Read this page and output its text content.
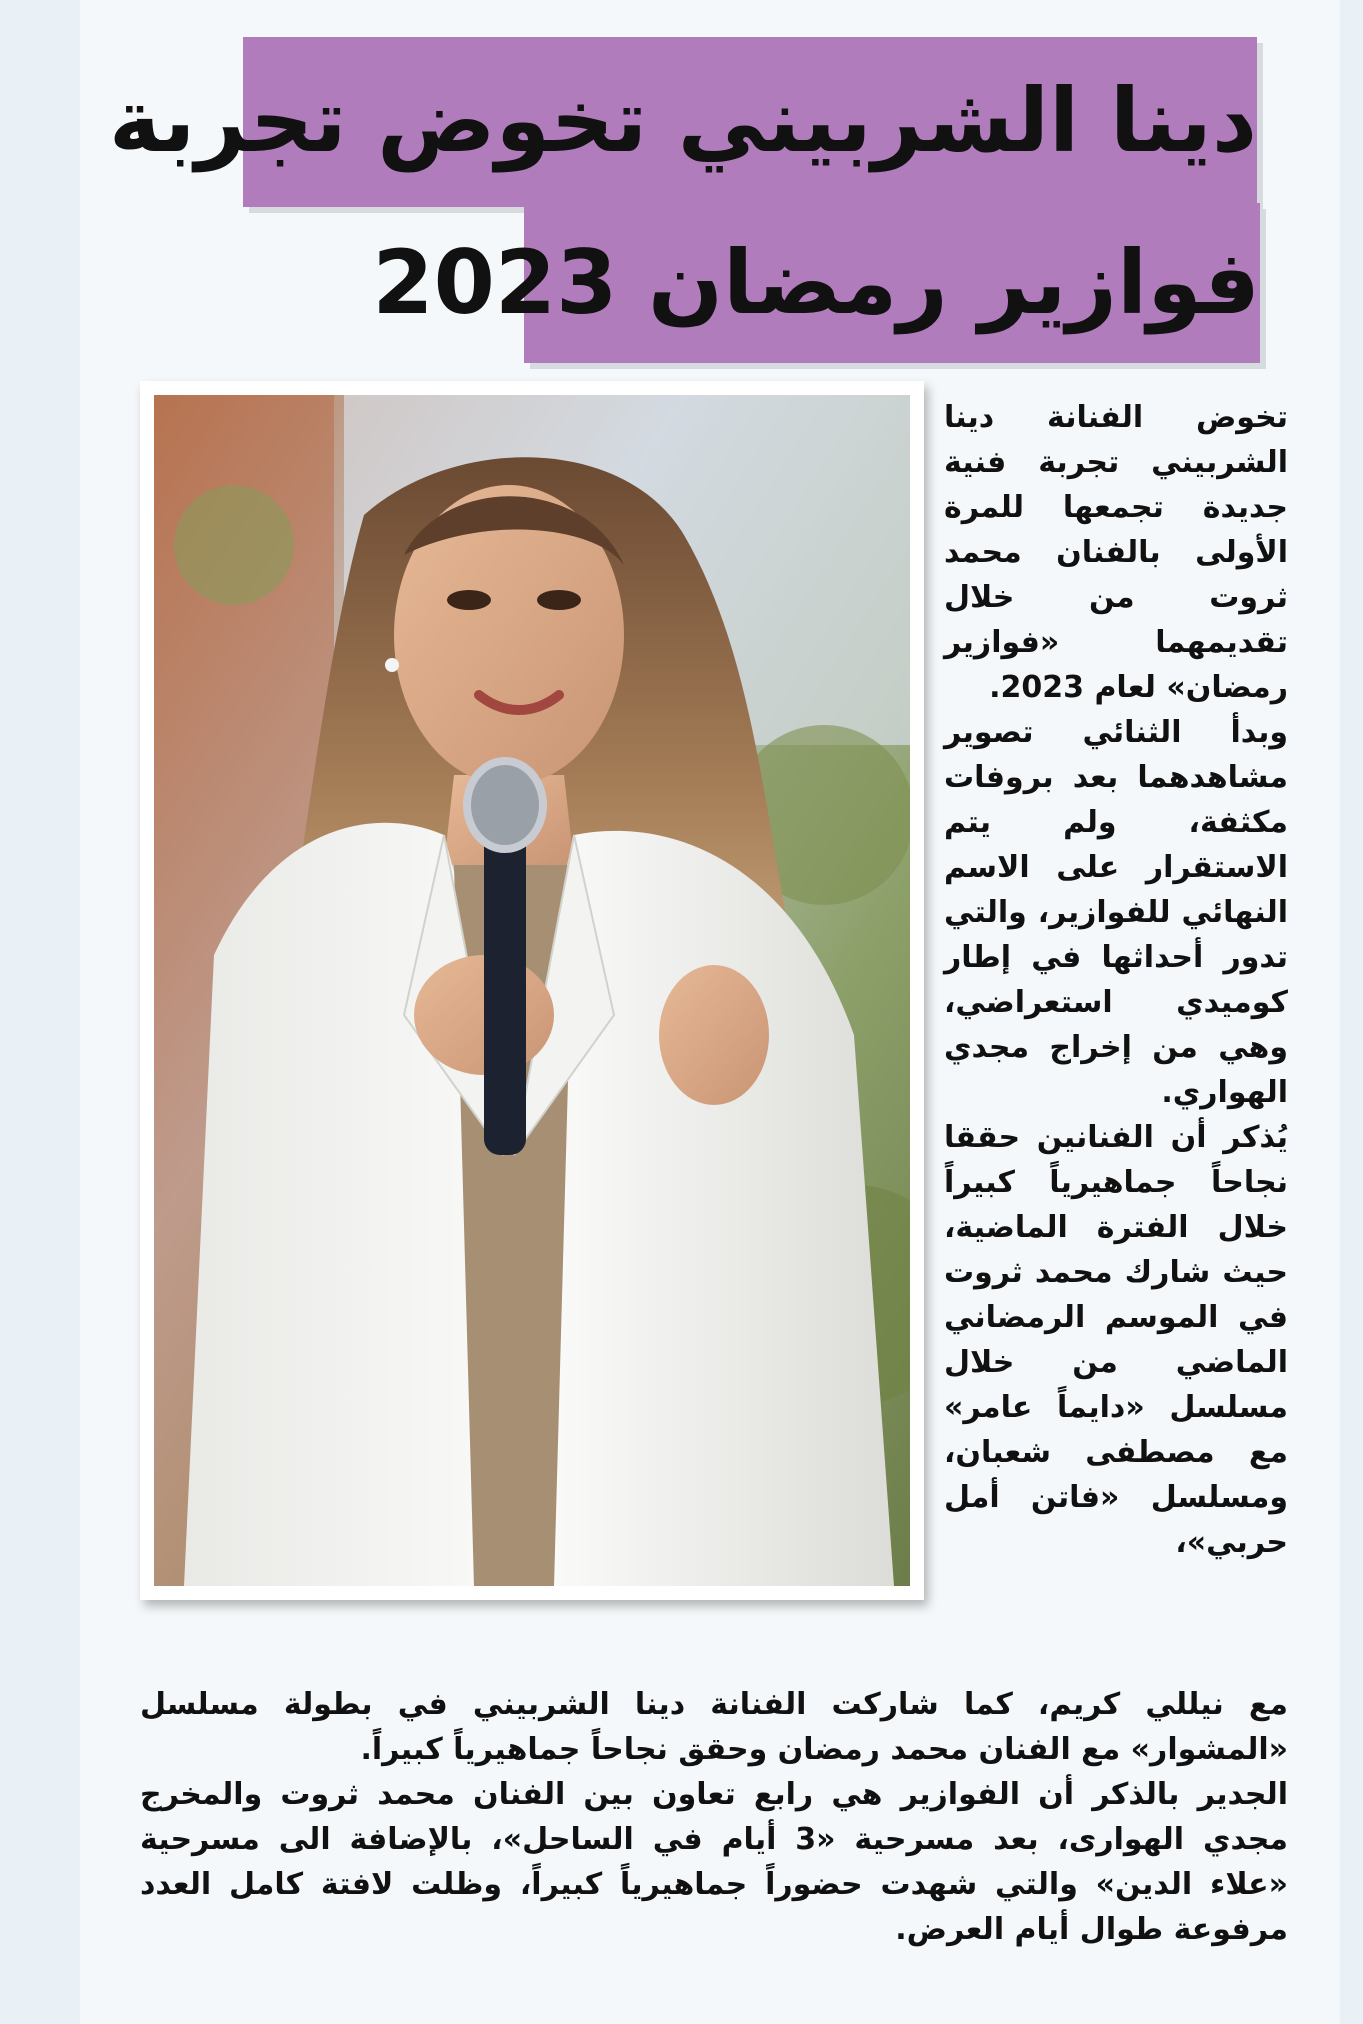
دينا الشربيني تخوض تجربة
فوازير رمضان 2023

تخوض الفنانة دينا الشربيني تجربة فنية جديدة تجمعها للمرة الأولى بالفنان محمد ثروت من خلال تقديمهما «فوازير رمضان» لعام 2023.

وبدأ الثنائي تصوير مشاهدهما بعد بروفات مكثفة، ولم يتم الاستقرار على الاسم النهائي للفوازير، والتي تدور أحداثها في إطار كوميدي استعراضي، وهي من إخراج مجدي الهواري.

يُذكر أن الفنانين حققا نجاحاً جماهيرياً كبيراً خلال الفترة الماضية، حيث شارك محمد ثروت في الموسم الرمضاني الماضي من خلال مسلسل «دايماً عامر» مع مصطفى شعبان، ومسلسل «فاتن أمل حربي»،

مع نيللي كريم، كما شاركت الفنانة دينا الشربيني في بطولة مسلسل «المشوار» مع الفنان محمد رمضان وحقق نجاحاً جماهيرياً كبيراً.

الجدير بالذكر أن الفوازير هي رابع تعاون بين الفنان محمد ثروت والمخرج مجدي الهوارى، بعد مسرحية «3 أيام في الساحل»، بالإضافة الى مسرحية «علاء الدين» والتي شهدت حضوراً جماهيرياً كبيراً، وظلت لافتة كامل العدد مرفوعة طوال أيام العرض.
